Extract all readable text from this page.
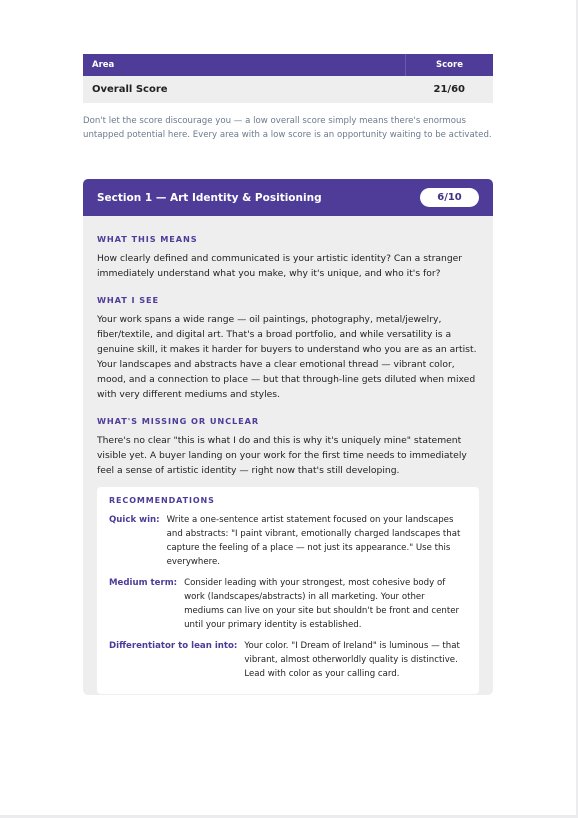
Area	Score
Overall Score	21/60

Don't let the score discourage you — a low overall score simply means there's enormous untapped potential here. Every area with a low score is an opportunity waiting to be activated.

Section 1 — Art Identity & Positioning	6/10
WHAT THIS MEANS

How clearly defined and communicated is your artistic identity? Can a stranger immediately understand what you make, why it's unique, and who it's for?

WHAT I SEE

Your work spans a wide range — oil paintings, photography, metal/jewelry, fiber/textile, and digital art. That's a broad portfolio, and while versatility is a genuine skill, it makes it harder for buyers to understand who you are as an artist. Your landscapes and abstracts have a clear emotional thread — vibrant color, mood, and a connection to place — but that through-line gets diluted when mixed with very different mediums and styles.

WHAT'S MISSING OR UNCLEAR

There's no clear "this is what I do and this is why it's uniquely mine" statement visible yet. A buyer landing on your work for the first time needs to immediately feel a sense of artistic identity — right now that's still developing.

RECOMMENDATIONS
Quick win: Write a one-sentence artist statement focused on your landscapes and abstracts: "I paint vibrant, emotionally charged landscapes that capture the feeling of a place — not just its appearance." Use this everywhere.
Medium term: Consider leading with your strongest, most cohesive body of work (landscapes/abstracts) in all marketing. Your other mediums can live on your site but shouldn't be front and center until your primary identity is established.
Differentiator to lean into: Your color. "I Dream of Ireland" is luminous — that vibrant, almost otherworldly quality is distinctive. Lead with color as your calling card.
